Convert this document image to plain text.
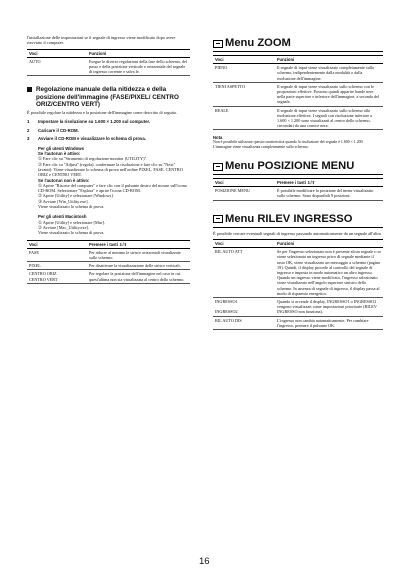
l'installazione delle impostazioni se il segnale di ingresso viene modificato dopo avere riavviato il computer.

Voci	Funzioni
AUTO	Esegue le diverse regolazioni della fase dello schermo, del passo e della posizione verticale e orizzontale del segnale di ingresso corrente e salva le.
Regolazione manuale della nitidezza e della posizione dell'immagine (FASE/PIXEL/ CENTRO ORIZ/CENTRO VERT)

È possibile regolare la nitidezza e la posizione dell'immagine come descritto di seguito.

1	Impostare la risoluzione su 1.600 × 1.200 sul computer.
2	Caricare il CD-ROM.
3	Avviare il CD-ROM e visualizzare lo schema di prova.
Per gli utenti Windows
Se l'autorun è attivo:

① Fare clic su "Strumento di regolazione monitor (UTILITY)".

② Fare clic su "Adjust" (regola), confermare la risoluzione e fare clic su "Next" (avanti). Viene visualizzato lo schema di prova nell'ordine PIXEL, FASE, CENTRO ORIZ e CENTRO VERT.

Se l'autorun non è attivo:

① Aprire "Risorse del computer" e fare clic con il pulsante destro del mouse sull'icona CD-ROM. Selezionare "Esplora" e aprire l'icona CD-ROM.

② Aprire [Utility] e selezionare [Windows].

③ Avviare [Win_Utility.exe].

Viene visualizzato lo schema di prova.

Per gli utenti Macintosh

① Aprire [Utility] e selezionare [Mac].

② Avviare [Mac_Utility.exe].

Viene visualizzato lo schema di prova.

Voci	Premere i tasti ⇩/⇧
FASE	Per ridurre al minimo le strisce orizzontali visualizzate sullo schermo.
PIXEL	Per disattivare la visualizzazione delle strisce verticali.
CENTRO ORIZ
CENTRO VERT	Per regolare la posizione dell'immagine nel caso in cui quest'ultima non sia visualizzata al centro dello schermo.
Menu ZOOM
Voci	Funzioni
PIENO	Il segnale di input viene visualizzato completamente sullo schermo, indipendentemente dalla modalità o dalla risoluzione dell'immagine.
TIENI ASPETTO	Il segnale di input viene visualizzato sullo schermo con le proporzioni effettive. Possono quindi apparire bande nere nella parte superiore e inferiore dell'immagine, a seconda del segnale.
REALE	Il segnale di input viene visualizzato sullo schermo alla risoluzione effettiva. I segnali con risoluzione inferiore a 1.600 × 1.200 sono visualizzati al centro dello schermo, circondati da una cornice nera.
Nota

Non è possibile utilizzare questa caratteristica quando la risoluzione del segnale è 1.600 × 1.200. L'immagine viene visualizzata completamente sullo schermo.

Menu POSIZIONE MENU
Voci	Premere i tasti ⇩/⇧
POSIZIONE MENU	È possibile modificare la posizione del menu visualizzato sullo schermo. Sono disponibili 9 posizioni.
Menu RILEV INGRESSO

È possibile cercare eventuali segnali di ingresso passando automaticamente da un segnale all'altro.

Voci	Funzioni
RIL AUTO ATT	Se per l'ingresso selezionato non è presente alcun segnale o se viene selezionato un ingresso privo di segnale mediante il tasto OK, viene visualizzato un messaggio a schermo (pagina 19). Quindi, il display procede al controllo del segnale di ingresso e imposta in modo automatico un altro ingresso. Quando un ingresso viene modificato, l'ingresso selezionato viene visualizzato nell'angolo superiore sinistro dello schermo. In assenza di segnale di ingresso, il display passa al modo di risparmio energetico.
INGRESSO1

INGRESSO2	Quando si accende il display, INGRESSO1 o INGRESSO2 vengono visualizzati come impostazioni prioritarie (RILEV INGRESSO non funziona).
RIL AUTO DIS	L'ingresso non cambia automaticamente. Per cambiare l'ingresso, premere il pulsante OK.
16
